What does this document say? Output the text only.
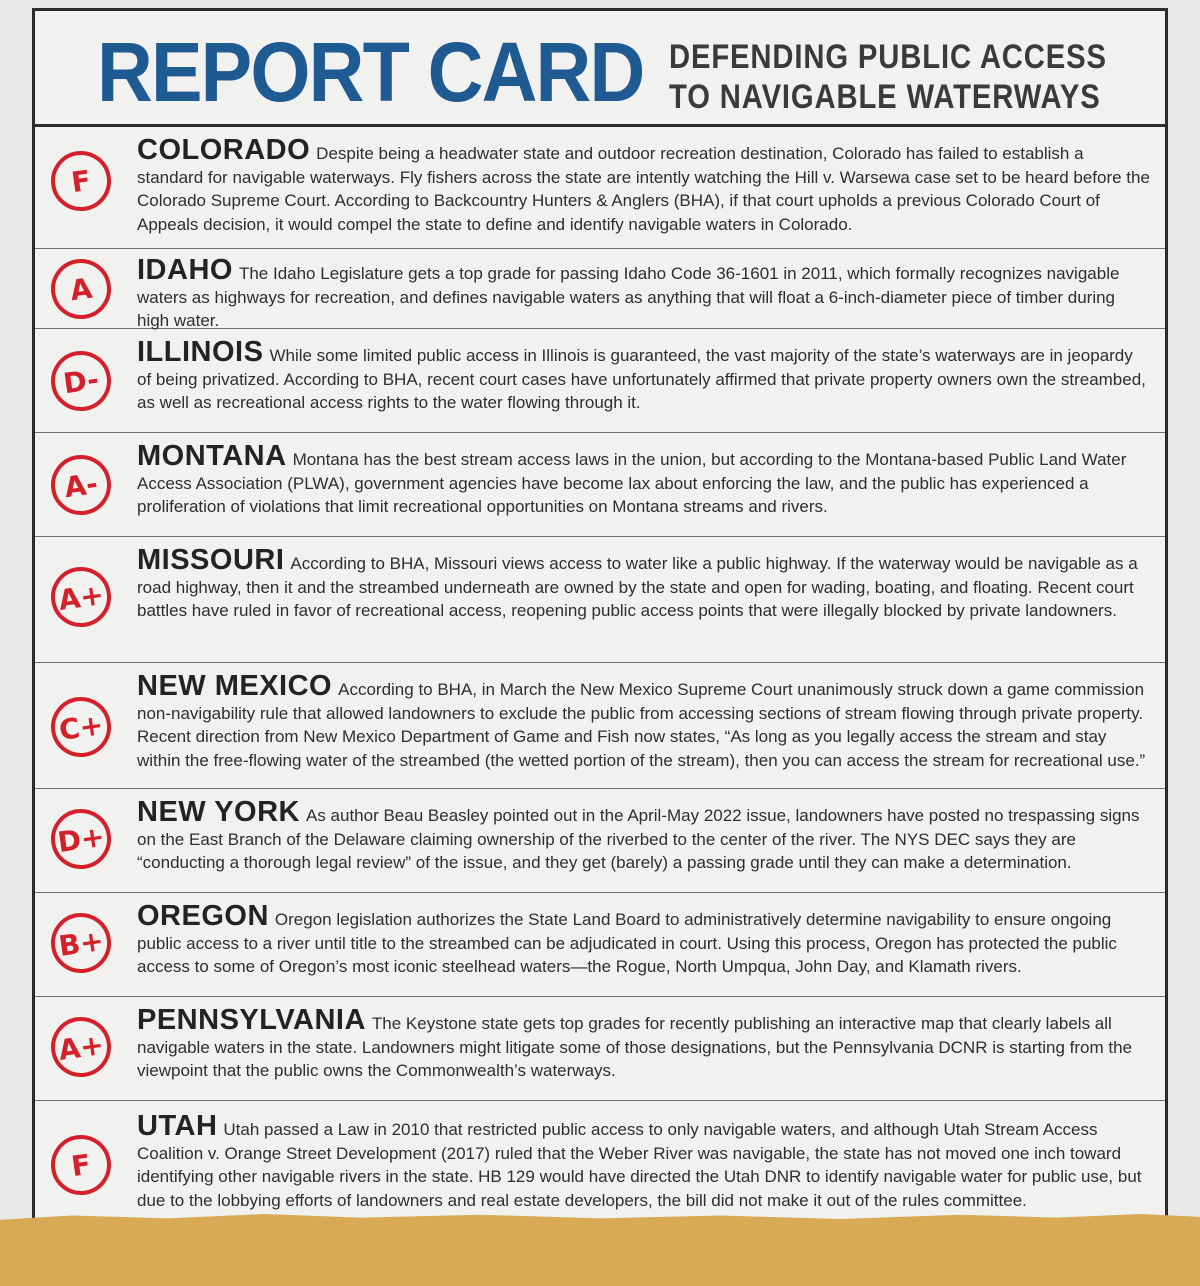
REPORT CARD DEFENDING PUBLIC ACCESS
TO NAVIGABLE WATERWAYS
F
COLORADO Despite being a headwater state and outdoor recreation destination, Colorado has failed to establish a standard for navigable waterways. Fly fishers across the state are intently watching the Hill v. Warsewa case set to be heard before the Colorado Supreme Court. According to Backcountry Hunters & Anglers (BHA), if that court upholds a previous Colorado Court of Appeals decision, it would compel the state to define and identify navigable waters in Colorado.
A
IDAHO The Idaho Legislature gets a top grade for passing Idaho Code 36-1601 in 2011, which formally recognizes navigable waters as highways for recreation, and defines navigable waters as anything that will float a 6-inch-diameter piece of timber during high water.
D-
ILLINOIS While some limited public access in Illinois is guaranteed, the vast majority of the state’s waterways are in jeopardy of being privatized. According to BHA, recent court cases have unfortunately affirmed that private property owners own the streambed, as well as recreational access rights to the water flowing through it.
A-
MONTANA Montana has the best stream access laws in the union, but according to the Montana-based Public Land Water Access Association (PLWA), government agencies have become lax about enforcing the law, and the public has experienced a proliferation of violations that limit recreational opportunities on Montana streams and rivers.
A+
MISSOURI According to BHA, Missouri views access to water like a public highway. If the waterway would be navigable as a road highway, then it and the streambed underneath are owned by the state and open for wading, boating, and floating. Recent court battles have ruled in favor of recreational access, reopening public access points that were illegally blocked by private landowners.
C+
NEW MEXICO According to BHA, in March the New Mexico Supreme Court unanimously struck down a game commission non-navigability rule that allowed landowners to exclude the public from accessing sections of stream flowing through private property. Recent direction from New Mexico Department of Game and Fish now states, “As long as you legally access the stream and stay within the free-flowing water of the streambed (the wetted portion of the stream), then you can access the stream for recreational use.”
D+
NEW YORK As author Beau Beasley pointed out in the April-May 2022 issue, landowners have posted no trespassing signs on the East Branch of the Delaware claiming ownership of the riverbed to the center of the river. The NYS DEC says they are “conducting a thorough legal review” of the issue, and they get (barely) a passing grade until they can make a determination.
B+
OREGON Oregon legislation authorizes the State Land Board to administratively determine navigability to ensure ongoing public access to a river until title to the streambed can be adjudicated in court. Using this process, Oregon has protected the public access to some of Oregon’s most iconic steelhead waters—the Rogue, North Umpqua, John Day, and Klamath rivers.
A+
PENNSYLVANIA The Keystone state gets top grades for recently publishing an interactive map that clearly labels all navigable waters in the state. Landowners might litigate some of those designations, but the Pennsylvania DCNR is starting from the viewpoint that the public owns the Commonwealth’s waterways.
F
UTAH Utah passed a Law in 2010 that restricted public access to only navigable waters, and although Utah Stream Access Coalition v. Orange Street Development (2017) ruled that the Weber River was navigable, the state has not moved one inch toward identifying other navigable rivers in the state. HB 129 would have directed the Utah DNR to identify navigable water for public use, but due to the lobbying efforts of landowners and real estate developers, the bill did not make it out of the rules committee.
